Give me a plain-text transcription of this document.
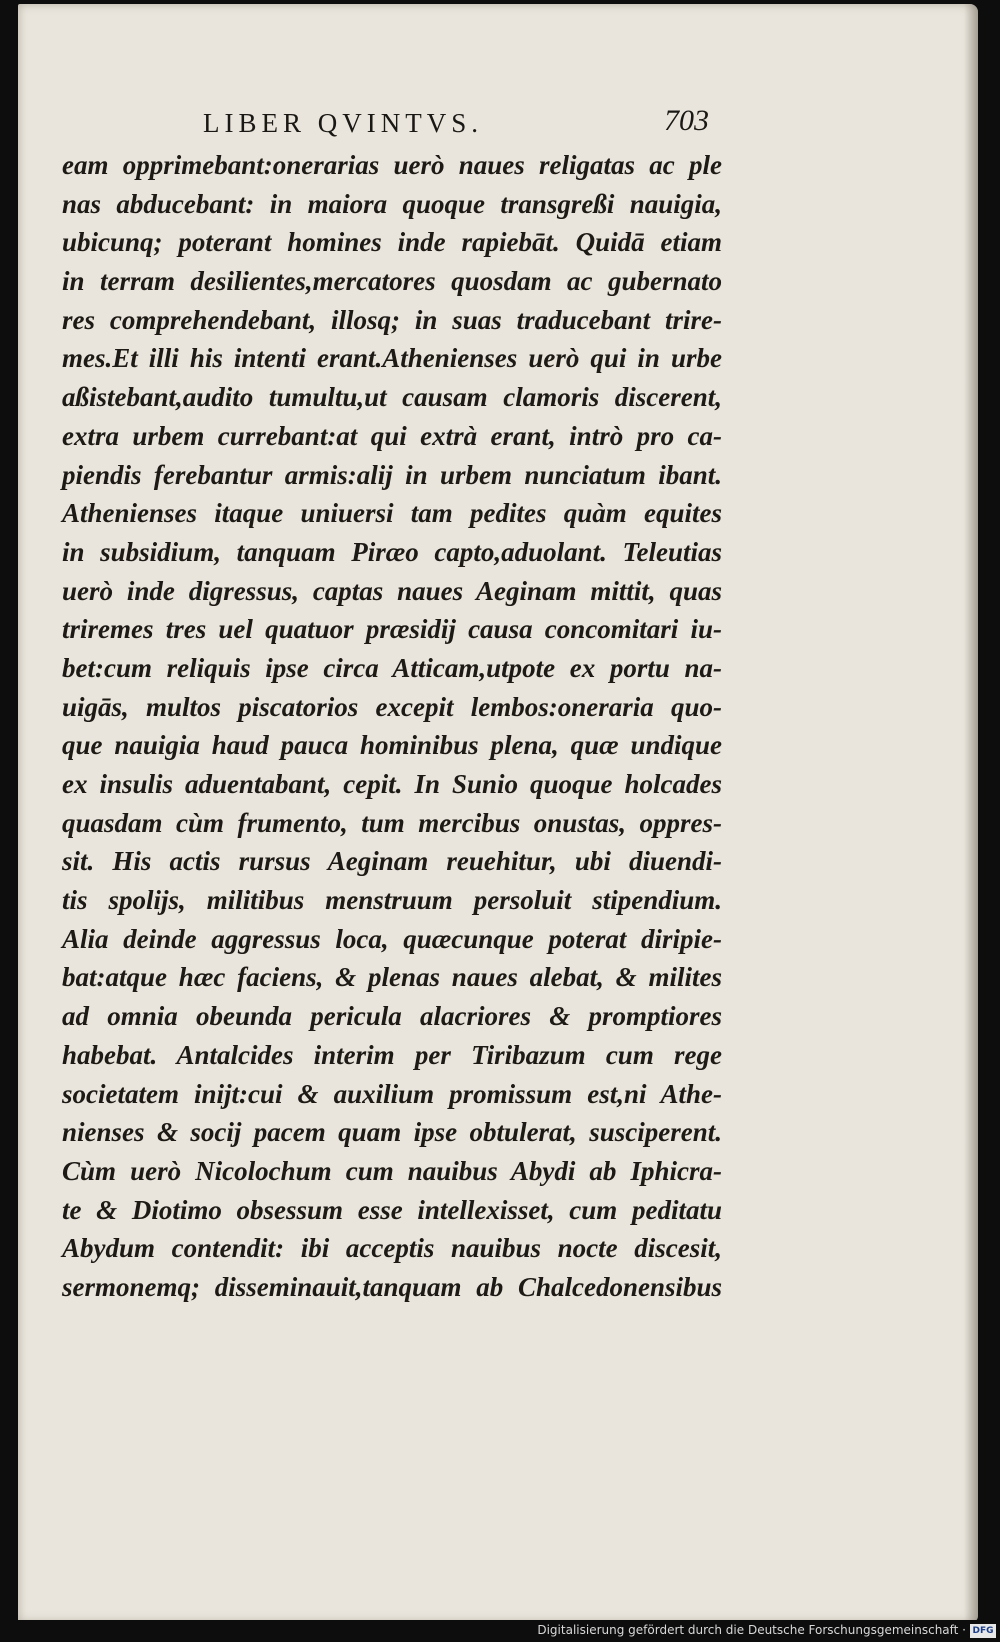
LIBER QVINTVS.	703
eam opprimebant:onerarias uerò naues religatas ac ple
nas abducebant: in maiora quoque transgreßi nauigia,
ubicunq; poterant homines inde rapiebāt. Quidā etiam
in terram desilientes,mercatores quosdam ac gubernato
res comprehendebant, illosq; in suas traducebant trire-
mes.Et illi his intenti erant.Athenienses uerò qui in urbe
aßistebant,audito tumultu,ut causam clamoris discerent,
extra urbem currebant:at qui extrà erant, intrò pro ca-
piendis ferebantur armis:alij in urbem nunciatum ibant.
Athenienses itaque uniuersi tam pedites quàm equites
in subsidium, tanquam Piræo capto,aduolant. Teleutias
uerò inde digressus, captas naues Aeginam mittit, quas
triremes tres uel quatuor præsidij causa concomitari iu-
bet:cum reliquis ipse circa Atticam,utpote ex portu na-
uigās, multos piscatorios excepit lembos:oneraria quo-
que nauigia haud pauca hominibus plena, quæ undique
ex insulis aduentabant, cepit. In Sunio quoque holcades
quasdam cùm frumento, tum mercibus onustas, oppres-
sit. His actis rursus Aeginam reuehitur, ubi diuendi-
tis spolijs, militibus menstruum persoluit stipendium.
Alia deinde aggressus loca, quæcunque poterat diripie-
bat:atque hæc faciens, & plenas naues alebat, & milites
ad omnia obeunda pericula alacriores & promptiores
habebat. Antalcides interim per Tiribazum cum rege
societatem inijt:cui & auxilium promissum est,ni Athe-
nienses & socij pacem quam ipse obtulerat, susciperent.
Cùm uerò Nicolochum cum nauibus Abydi ab Iphicra-
te & Diotimo obsessum esse intellexisset, cum peditatu
Abydum contendit: ibi acceptis nauibus nocte discesit,
sermonemq; disseminauit,tanquam ab Chalcedonensibus
Digitalisierung gefördert durch die Deutsche Forschungsgemeinschaft · DFG
